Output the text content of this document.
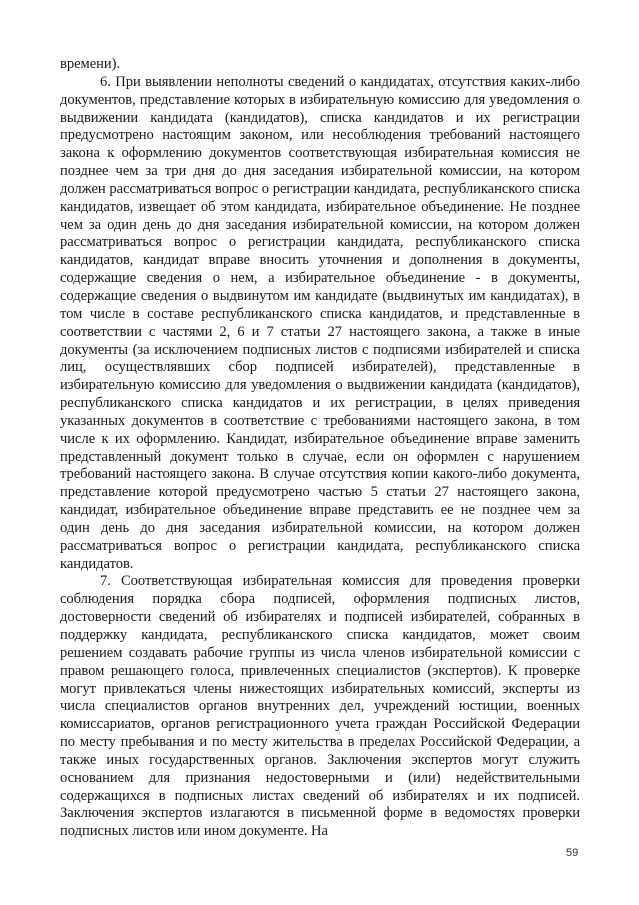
времени).

6. При выявлении неполноты сведений о кандидатах, отсутствия каких-либо документов, представление которых в избирательную комиссию для уведомления о выдвижении кандидата (кандидатов), списка кандидатов и их регистрации предусмотрено настоящим законом, или несоблюдения требований настоящего закона к оформлению документов соответствующая избирательная комиссия не позднее чем за три дня до дня заседания избирательной комиссии, на котором должен рассматриваться вопрос о регистрации кандидата, республиканского списка кандидатов, извещает об этом кандидата, избирательное объединение. Не позднее чем за один день до дня заседания избирательной комиссии, на котором должен рассматриваться вопрос о регистрации кандидата, республиканского списка кандидатов, кандидат вправе вносить уточнения и дополнения в документы, содержащие сведения о нем, а избирательное объединение - в документы, содержащие сведения о выдвинутом им кандидате (выдвинутых им кандидатах), в том числе в составе республиканского списка кандидатов, и представленные в соответствии с частями 2, 6 и 7 статьи 27 настоящего закона, а также в иные документы (за исключением подписных листов с подписями избирателей и списка лиц, осуществлявших сбор подписей избирателей), представленные в избирательную комиссию для уведомления о выдвижении кандидата (кандидатов), республиканского списка кандидатов и их регистрации, в целях приведения указанных документов в соответствие с требованиями настоящего закона, в том числе к их оформлению. Кандидат, избирательное объединение вправе заменить представленный документ только в случае, если он оформлен с нарушением требований настоящего закона. В случае отсутствия копии какого-либо документа, представление которой предусмотрено частью 5 статьи 27 настоящего закона, кандидат, избирательное объединение вправе представить ее не позднее чем за один день до дня заседания избирательной комиссии, на котором должен рассматриваться вопрос о регистрации кандидата, республиканского списка кандидатов.

7. Соответствующая избирательная комиссия для проведения проверки соблюдения порядка сбора подписей, оформления подписных листов, достоверности сведений об избирателях и подписей избирателей, собранных в поддержку кандидата, республиканского списка кандидатов, может своим решением создавать рабочие группы из числа членов избирательной комиссии с правом решающего голоса, привлеченных специалистов (экспертов). К проверке могут привлекаться члены нижестоящих избирательных комиссий, эксперты из числа специалистов органов внутренних дел, учреждений юстиции, военных комиссариатов, органов регистрационного учета граждан Российской Федерации по месту пребывания и по месту жительства в пределах Российской Федерации, а также иных государственных органов. Заключения экспертов могут служить основанием для признания недостоверными и (или) недействительными содержащихся в подписных листах сведений об избирателях и их подписей. Заключения экспертов излагаются в письменной форме в ведомостях проверки подписных листов или ином документе. На

59
